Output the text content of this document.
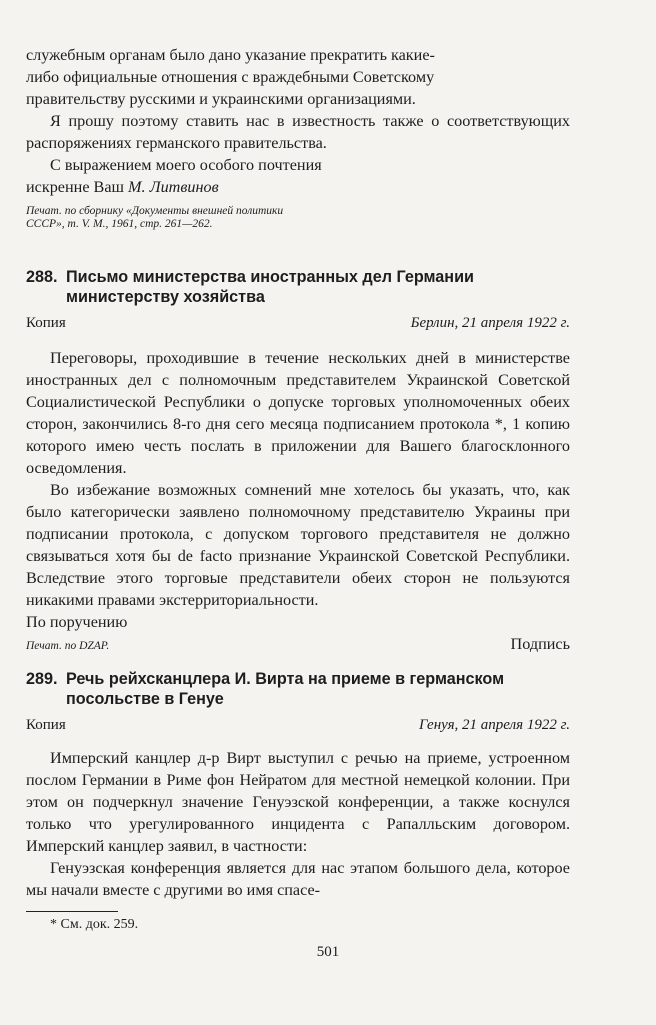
служебным органам было дано указание прекратить какие-

либо официальные отношения с враждебными Советскому

правительству русскими и украинскими организациями.

Я прошу поэтому ставить нас в известность также о соответствующих распоряжениях германского правительства.

С выражением моего особого почтения

искренне Ваш М. Литвинов

Печат. по сборнику «Документы внешней политики СССР», т. V. М., 1961, стр. 261—262.

288. Письмо министерства иностранных дел Германии министерству хозяйства
Копия	Берлин, 21 апреля 1922 г.

Переговоры, проходившие в течение нескольких дней в министерстве иностранных дел с полномочным представителем Украинской Советской Социалистической Республики о допуске торговых уполномоченных обеих сторон, закончились 8-го дня сего месяца подписанием протокола *, 1 копию которого имею честь послать в приложении для Вашего благосклонного осведомления.

Во избежание возможных сомнений мне хотелось бы указать, что, как было категорически заявлено полномочному представителю Украины при подписании протокола, с допуском торгового представителя не должно связываться хотя бы de facto признание Украинской Советской Республики. Вследствие этого торговые представители обеих сторон не пользуются никакими правами экстерриториальности.

По поручению

Печат. по DZAP.	Подпись
289. Речь рейхсканцлера И. Вирта на приеме в германском посольстве в Генуе
Копия	Генуя, 21 апреля 1922 г.

Имперский канцлер д-р Вирт выступил с речью на приеме, устроенном послом Германии в Риме фон Нейратом для местной немецкой колонии. При этом он подчеркнул значение Генуэзской конференции, а также коснулся только что урегулированного инцидента с Рапалльским договором. Имперский канцлер заявил, в частности:

Генуэзская конференция является для нас этапом большого дела, которое мы начали вместе с другими во имя спасе-

* См. док. 259.

501
